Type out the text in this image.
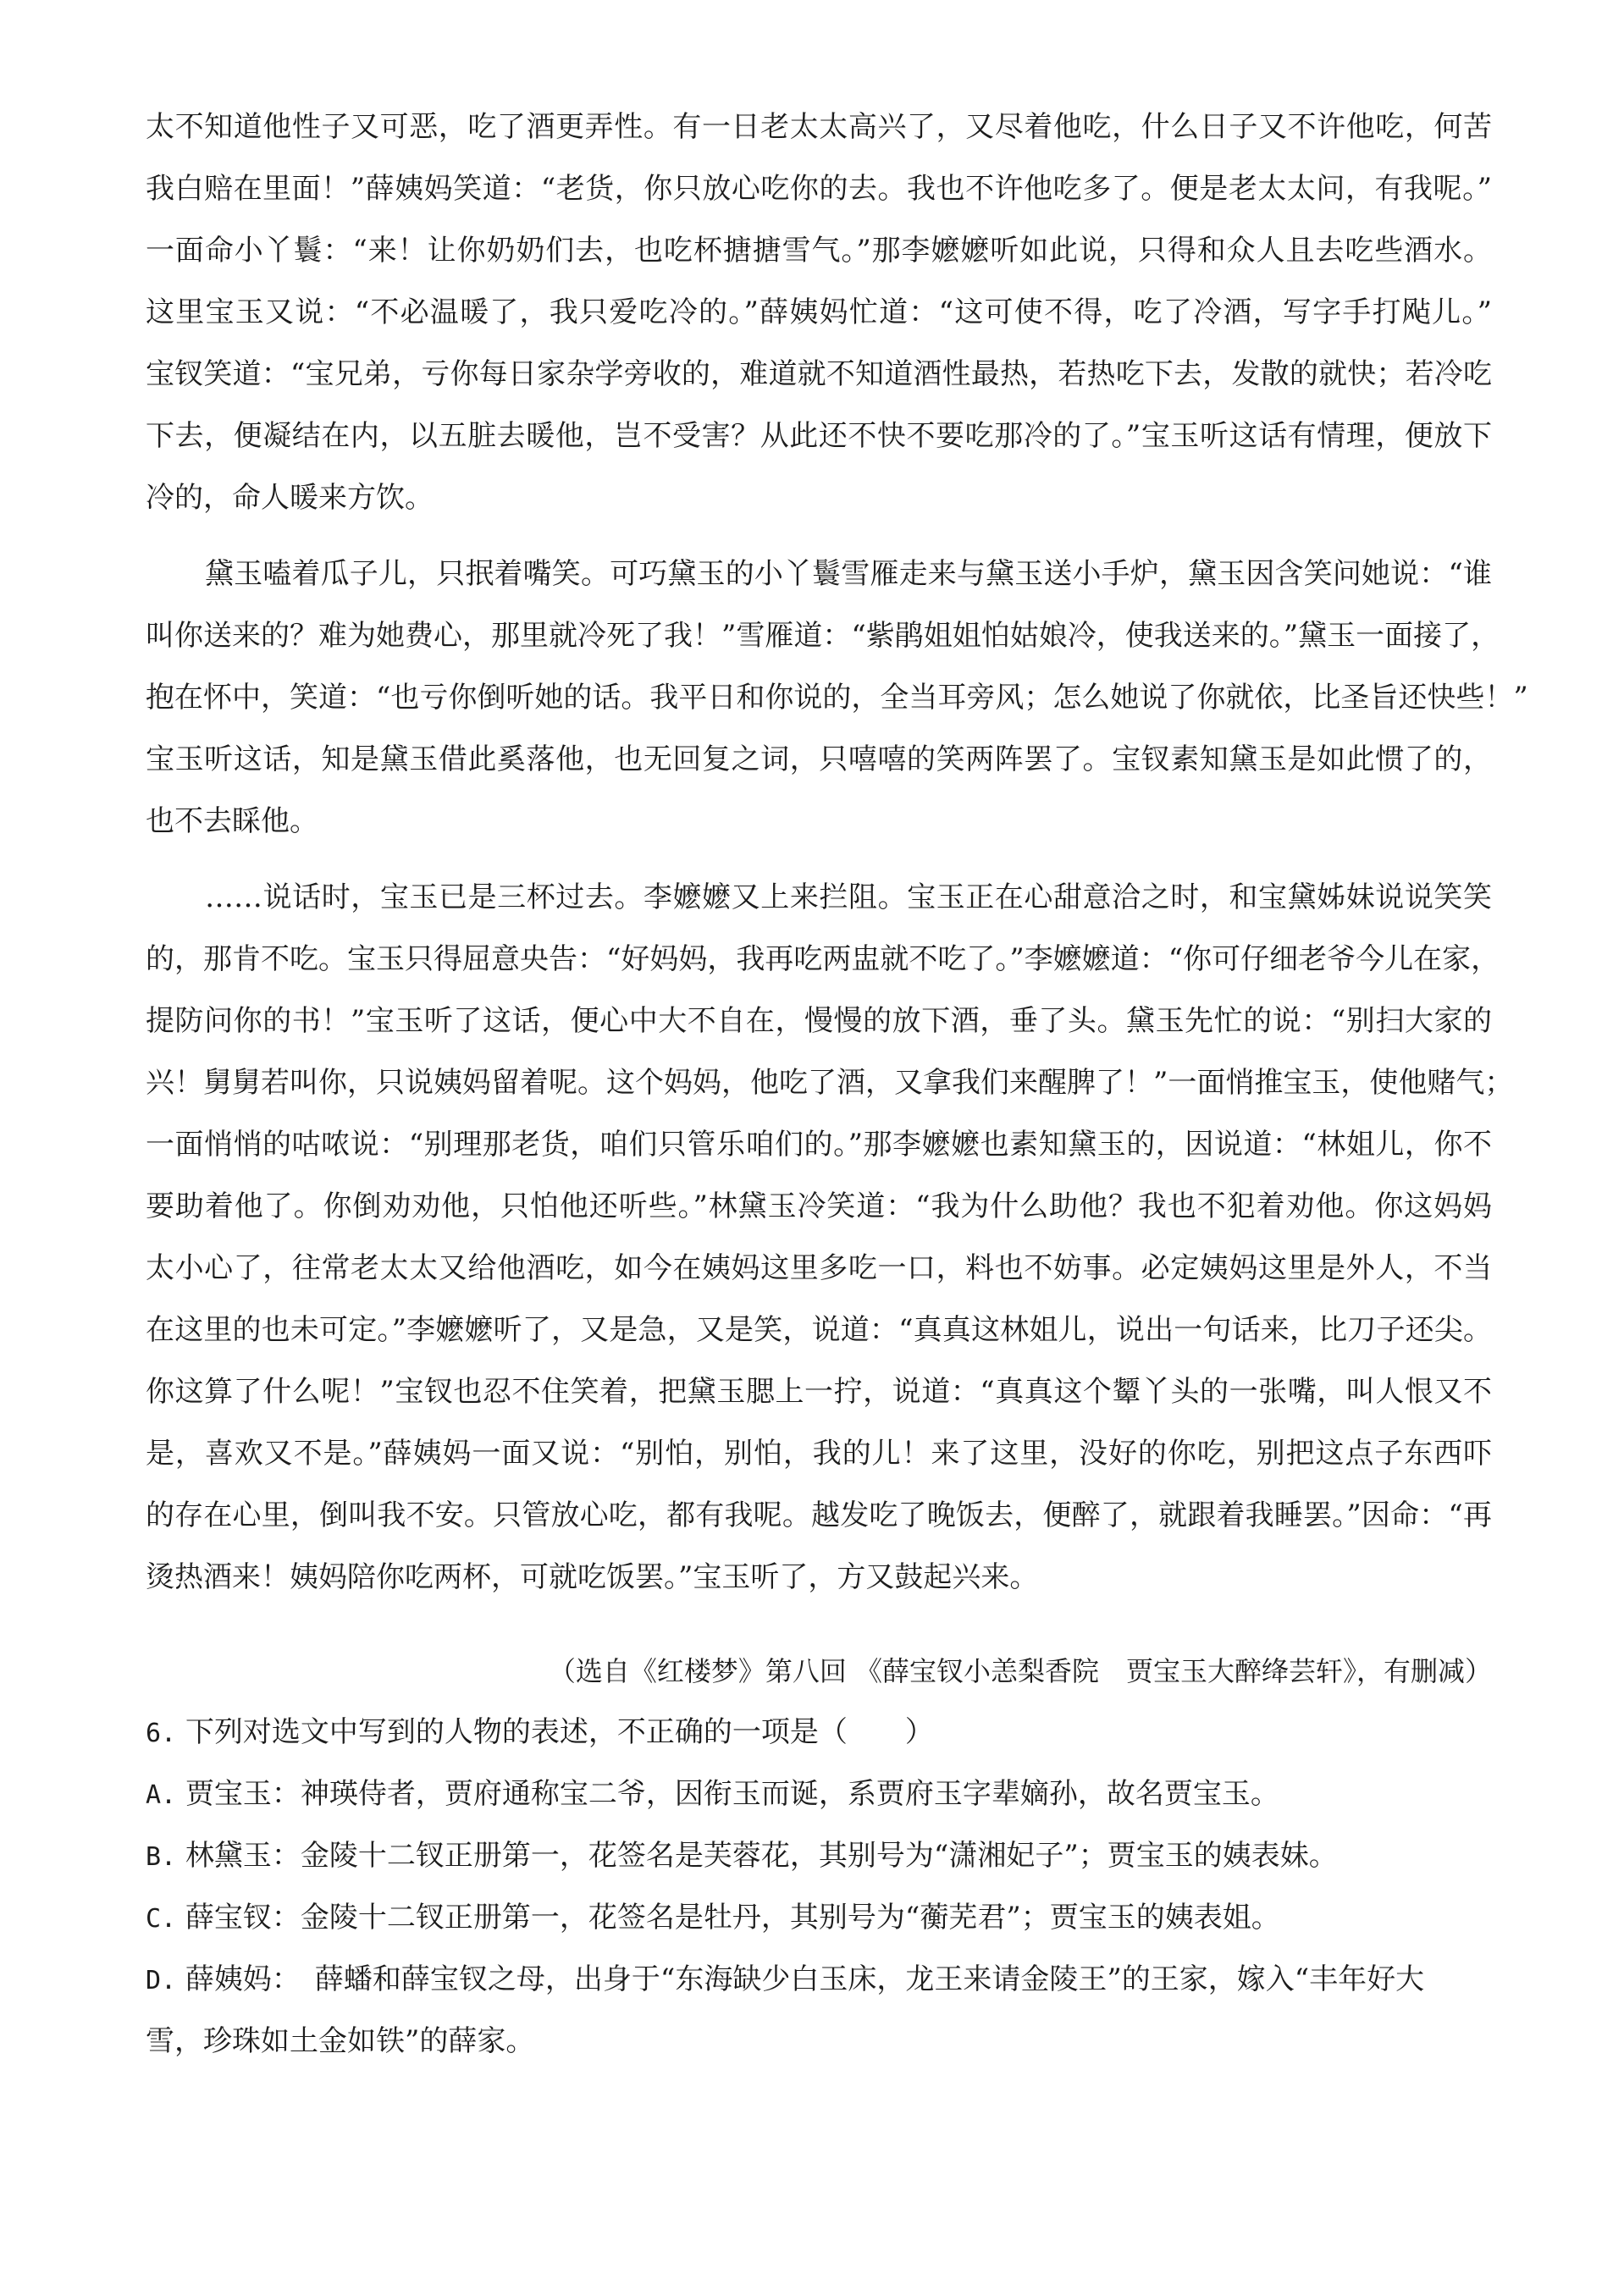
太不知道他性子又可恶，吃了酒更弄性。有一日老太太高兴了，又尽着他吃，什么日子又不许他吃，何苦
我白赔在里面！”薛姨妈笑道：“老货，你只放心吃你的去。我也不许他吃多了。便是老太太问，有我呢。”
一面命小丫鬟：“来！让你奶奶们去，也吃杯搪搪雪气。”那李嬷嬷听如此说，只得和众人且去吃些酒水。
这里宝玉又说：“不必温暖了，我只爱吃冷的。”薛姨妈忙道：“这可使不得，吃了冷酒，写字手打飐儿。”
宝钗笑道：“宝兄弟，亏你每日家杂学旁收的，难道就不知道酒性最热，若热吃下去，发散的就快；若冷吃
下去，便凝结在内，以五脏去暖他，岂不受害？从此还不快不要吃那冷的了。”宝玉听这话有情理，便放下
冷的，命人暖来方饮。
黛玉嗑着瓜子儿，只抿着嘴笑。可巧黛玉的小丫鬟雪雁走来与黛玉送小手炉，黛玉因含笑问她说：“谁
叫你送来的？难为她费心，那里就冷死了我！”雪雁道：“紫鹃姐姐怕姑娘冷，使我送来的。”黛玉一面接了，
抱在怀中，笑道：“也亏你倒听她的话。我平日和你说的，全当耳旁风；怎么她说了你就依，比圣旨还快些！”
宝玉听这话，知是黛玉借此奚落他，也无回复之词，只嘻嘻的笑两阵罢了。宝钗素知黛玉是如此惯了的，
也不去睬他。
……说话时，宝玉已是三杯过去。李嬷嬷又上来拦阻。宝玉正在心甜意洽之时，和宝黛姊妹说说笑笑
的，那肯不吃。宝玉只得屈意央告：“好妈妈，我再吃两盅就不吃了。”李嬷嬷道：“你可仔细老爷今儿在家，
提防问你的书！”宝玉听了这话，便心中大不自在，慢慢的放下酒，垂了头。黛玉先忙的说：“别扫大家的
兴！舅舅若叫你，只说姨妈留着呢。这个妈妈，他吃了酒，又拿我们来醒脾了！”一面悄推宝玉，使他赌气；
一面悄悄的咕哝说：“别理那老货，咱们只管乐咱们的。”那李嬷嬷也素知黛玉的，因说道：“林姐儿，你不
要助着他了。你倒劝劝他，只怕他还听些。”林黛玉冷笑道：“我为什么助他？我也不犯着劝他。你这妈妈
太小心了，往常老太太又给他酒吃，如今在姨妈这里多吃一口，料也不妨事。必定姨妈这里是外人，不当
在这里的也未可定。”李嬷嬷听了，又是急，又是笑，说道：“真真这林姐儿，说出一句话来，比刀子还尖。
你这算了什么呢！”宝钗也忍不住笑着，把黛玉腮上一拧，说道：“真真这个颦丫头的一张嘴，叫人恨又不
是，喜欢又不是。”薛姨妈一面又说：“别怕，别怕，我的儿！来了这里，没好的你吃，别把这点子东西吓
的存在心里，倒叫我不安。只管放心吃，都有我呢。越发吃了晚饭去，便醉了，就跟着我睡罢。”因命：“再
烫热酒来！姨妈陪你吃两杯，可就吃饭罢。”宝玉听了，方又鼓起兴来。
（选自《红楼梦》第八回 《薛宝钗小恙梨香院　贾宝玉大醉绛芸轩》，有删减）
6. 下列对选文中写到的人物的表述，不正确的一项是（　　）
A. 贾宝玉：神瑛侍者，贾府通称宝二爷，因衔玉而诞，系贾府玉字辈嫡孙，故名贾宝玉。
B. 林黛玉：金陵十二钗正册第一，花签名是芙蓉花，其别号为“潇湘妃子”；贾宝玉的姨表妹。
C. 薛宝钗：金陵十二钗正册第一，花签名是牡丹，其别号为“蘅芜君”；贾宝玉的姨表姐。
D. 薛姨妈：　薛蟠和薛宝钗之母，出身于“东海缺少白玉床，龙王来请金陵王”的王家，嫁入“丰年好大
雪，珍珠如土金如铁”的薛家。
